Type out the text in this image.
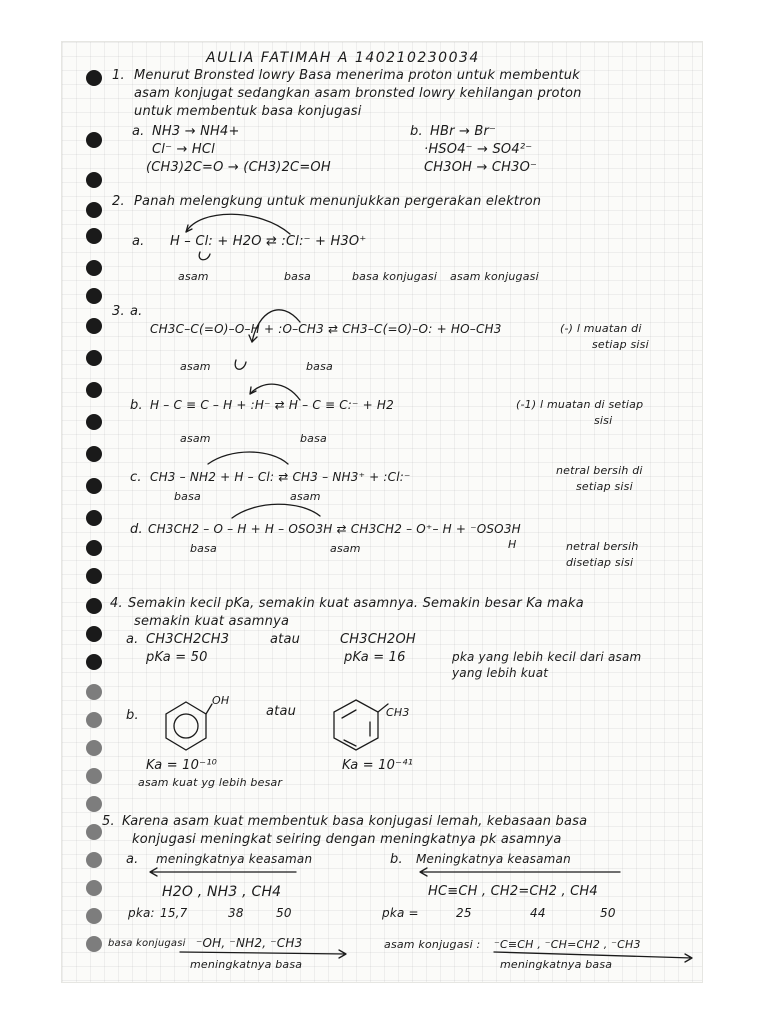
AULIA FATIMAH A 140210230034
1. Menurut Bronsted lowry Basa menerima proton untuk membentuk
asam konjugat sedangkan asam bronsted lowry kehilangan proton
untuk membentuk basa konjugasi
a. NH3 → NH4+
Cl⁻ → HCl
(CH3)2C=O → (CH3)2C=OH
b. HBr → Br⁻
·HSO4⁻ → SO4²⁻
CH3OH → CH3O⁻
2. Panah melengkung untuk menunjukkan pergerakan elektron
a. H – Cl: + H2O ⇄ :Cl:⁻ + H3O⁺
asam	basa	basa konjugasi asam konjugasi
3. a.
CH3C–C(=O)–O–H + :O–CH3 ⇄ CH3–C(=O)–O: + HO–CH3	(-) l muatan di
setiap sisi
asam	basa
b. H – C ≡ C – H + :H⁻ ⇄ H – C ≡ C:⁻ + H2	(-1) l muatan di setiap
sisi
asam	basa
c. CH3 – NH2 + H – Cl: ⇄ CH3 – NH3⁺ + :Cl:⁻	netral bersih di
setiap sisi
basa	asam
d. CH3CH2 – O – H + H – OSO3H ⇄ CH3CH2 – O⁺– H + ⁻OSO3H
H	netral bersih
disetiap sisi
basa	asam
4. Semakin kecil pKa, semakin kuat asamnya. Semakin besar Ka maka
semakin kuat asamnya
a. CH3CH2CH3	atau	CH3CH2OH
pKa = 50	pKa = 16	pka yang lebih kecil dari asam
yang lebih kuat
b.
OH
atau	CH3
Ka = 10⁻¹⁰	Ka = 10⁻⁴¹
asam kuat yg lebih besar
5. Karena asam kuat membentuk basa konjugasi lemah, kebasaan basa
konjugasi meningkat seiring dengan meningkatnya pk asamnya
a. meningkatnya keasaman
H2O , NH3 , CH4
pka: 15,7	38	50
basa konjugasi ⁻OH, ⁻NH2, ⁻CH3
meningkatnya basa
b. Meningkatnya keasaman
HC≡CH , CH2=CH2 , CH4
pka =	25	44	50
asam konjugasi : ⁻C≡CH , ⁻CH=CH2 , ⁻CH3
meningkatnya basa
